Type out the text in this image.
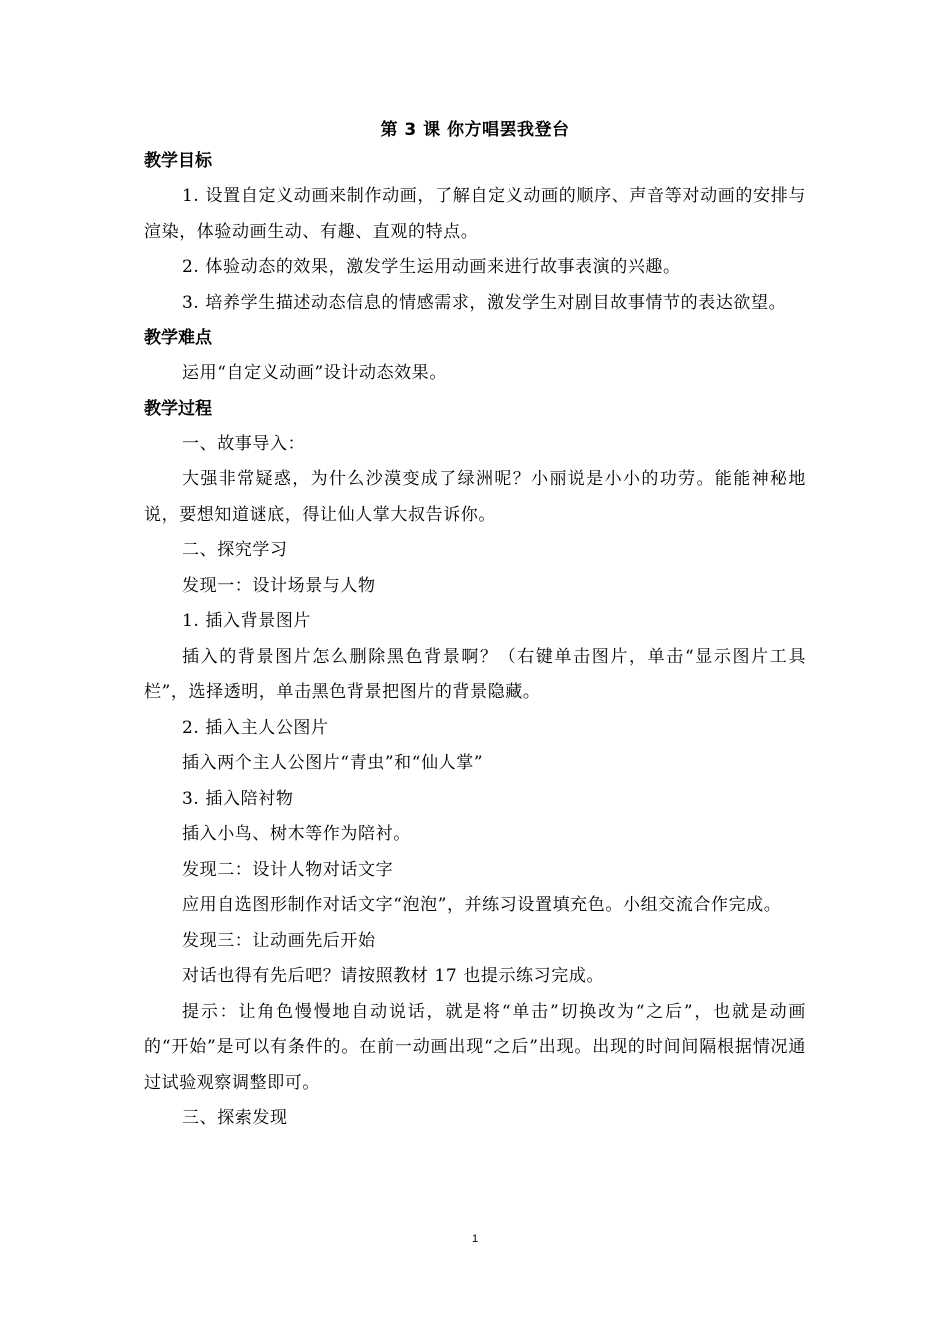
第 3 课 你方唱罢我登台

教学目标

1. 设置自定义动画来制作动画，了解自定义动画的顺序、声音等对动画的安排与渲染，体验动画生动、有趣、直观的特点。

2. 体验动态的效果，激发学生运用动画来进行故事表演的兴趣。

3. 培养学生描述动态信息的情感需求，激发学生对剧目故事情节的表达欲望。

教学难点

运用“自定义动画”设计动态效果。

教学过程

一、故事导入：

大强非常疑惑，为什么沙漠变成了绿洲呢？小丽说是小小的功劳。能能神秘地说，要想知道谜底，得让仙人掌大叔告诉你。

二、探究学习

发现一：设计场景与人物

1. 插入背景图片

插入的背景图片怎么删除黑色背景啊？（右键单击图片，单击“显示图片工具栏”，选择透明，单击黑色背景把图片的背景隐藏。

2. 插入主人公图片

插入两个主人公图片“青虫”和“仙人掌”

3. 插入陪衬物

插入小鸟、树木等作为陪衬。

发现二：设计人物对话文字

应用自选图形制作对话文字“泡泡”，并练习设置填充色。小组交流合作完成。

发现三：让动画先后开始

对话也得有先后吧？请按照教材 17 也提示练习完成。

提示：让角色慢慢地自动说话，就是将“单击”切换改为“之后”，也就是动画的“开始”是可以有条件的。在前一动画出现“之后”出现。出现的时间间隔根据情况通过试验观察调整即可。

三、探索发现

1
